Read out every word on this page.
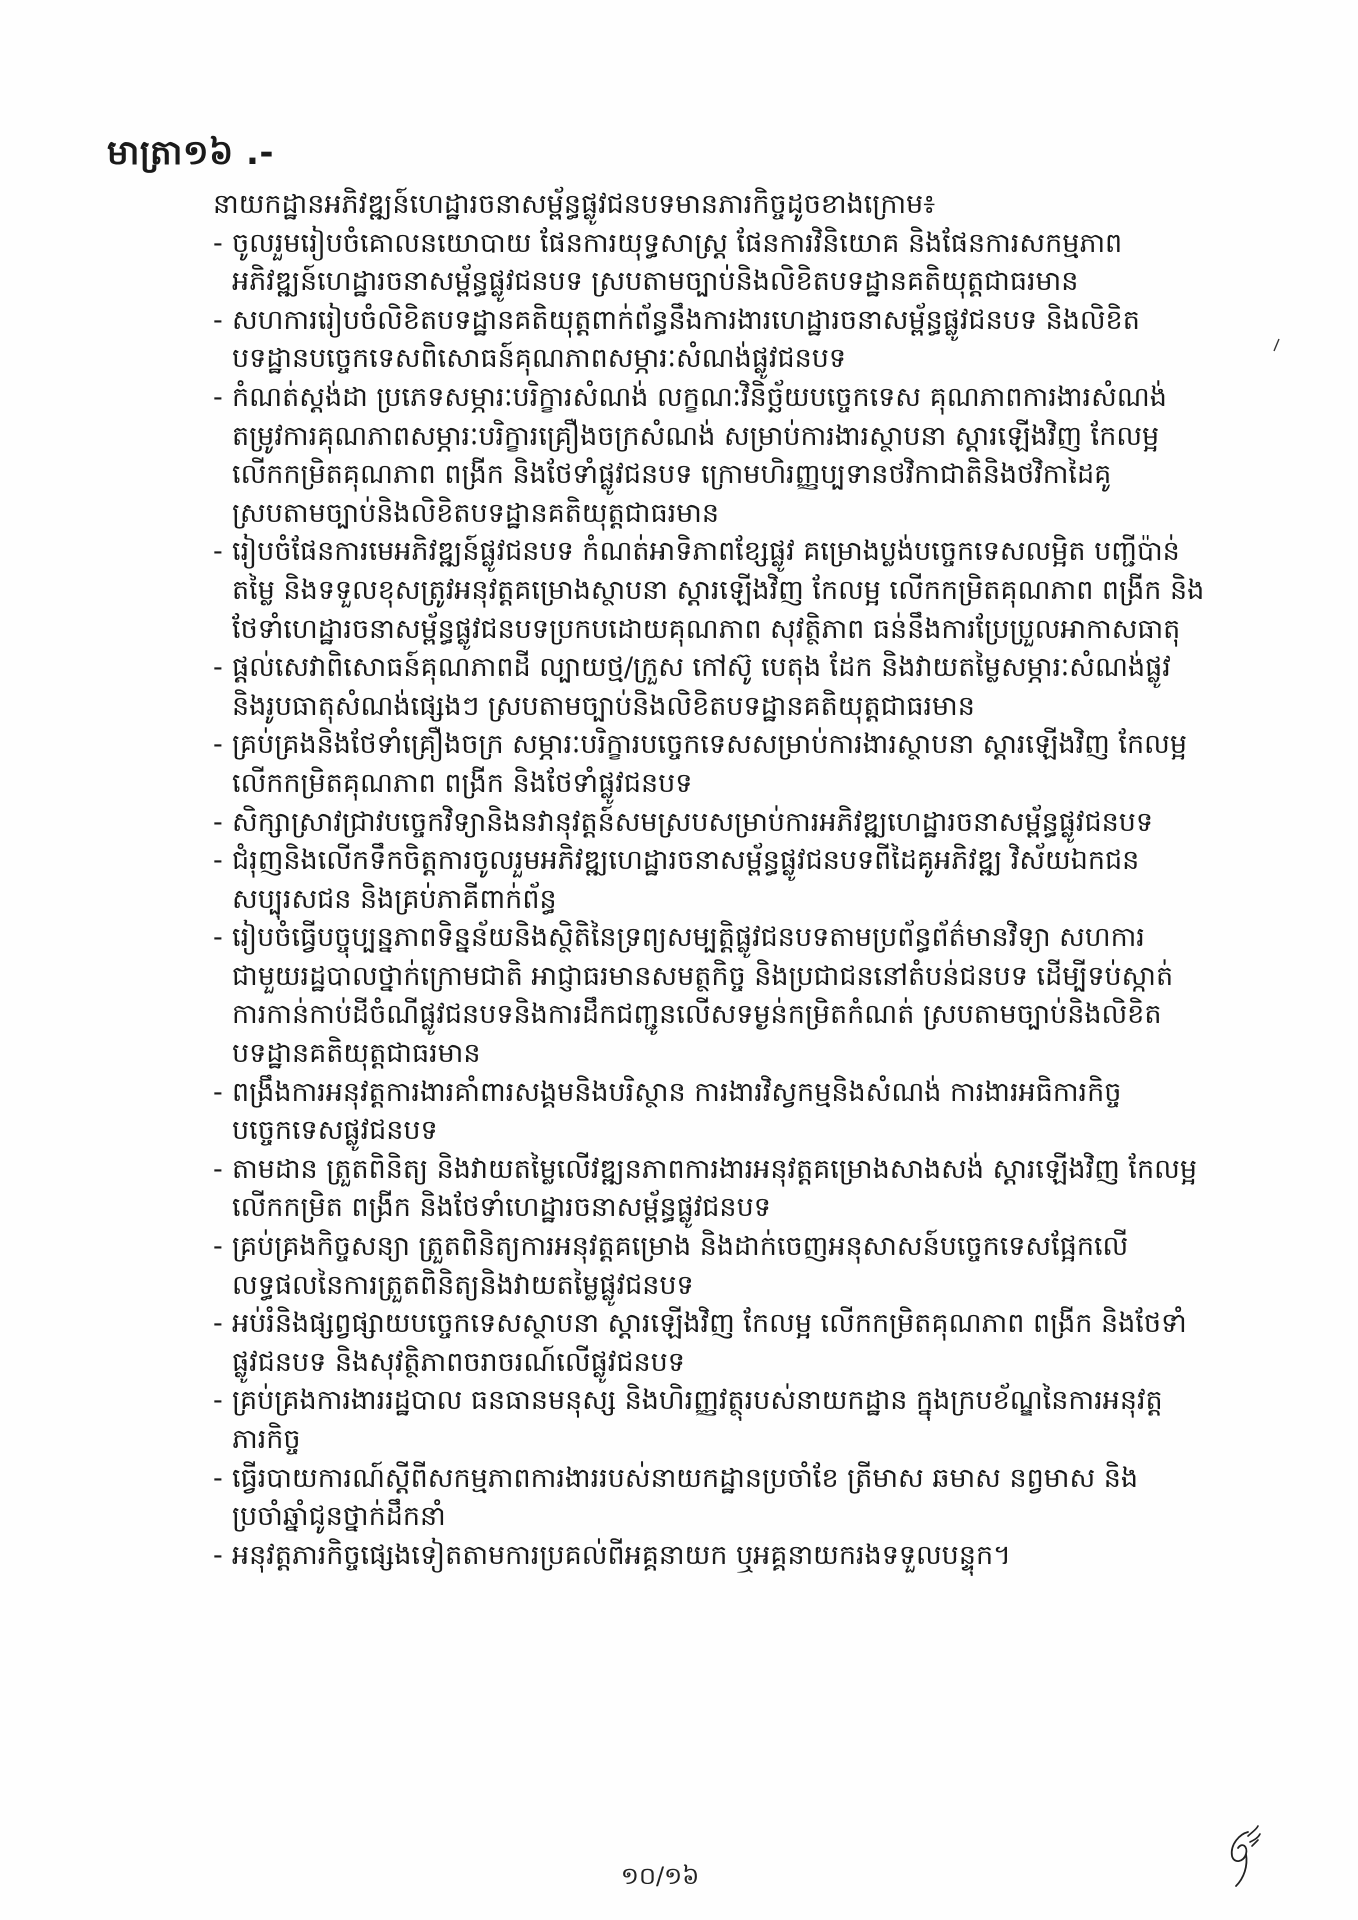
មាត្រា១៦ .-

នាយកដ្ឋានអភិវឌ្ឍន៍ហេដ្ឋារចនាសម្ព័ន្ធផ្លូវជនបទមានភារកិច្ចដូចខាងក្រោម៖

- ចូលរួមរៀបចំគោលនយោបាយ ផែនការយុទ្ធសាស្ត្រ ផែនការវិនិយោគ និងផែនការសកម្មភាព
អភិវឌ្ឍន៍ហេដ្ឋារចនាសម្ព័ន្ធផ្លូវជនបទ ស្របតាមច្បាប់និងលិខិតបទដ្ឋានគតិយុត្តជាធរមាន
- សហការរៀបចំលិខិតបទដ្ឋានគតិយុត្តពាក់ព័ន្ធនឹងការងារហេដ្ឋារចនាសម្ព័ន្ធផ្លូវជនបទ និងលិខិត
បទដ្ឋានបច្ចេកទេសពិសោធន៍គុណភាពសម្ភារៈសំណង់ផ្លូវជនបទ
- កំណត់ស្តង់ដា ប្រភេទសម្ភារៈបរិក្ខារសំណង់ លក្ខណៈវិនិច្ឆ័យបច្ចេកទេស គុណភាពការងារសំណង់
តម្រូវការគុណភាពសម្ភារៈបរិក្ខារគ្រឿងចក្រសំណង់ សម្រាប់ការងារស្ថាបនា ស្តារឡើងវិញ កែលម្អ
លើកកម្រិតគុណភាព ពង្រីក និងថែទាំផ្លូវជនបទ ក្រោមហិរញ្ញប្បទានថវិកាជាតិនិងថវិកាដៃគូ
ស្របតាមច្បាប់និងលិខិតបទដ្ឋានគតិយុត្តជាធរមាន
- រៀបចំផែនការមេអភិវឌ្ឍន៍ផ្លូវជនបទ កំណត់អាទិភាពខ្សែផ្លូវ គម្រោងប្លង់បច្ចេកទេសលម្អិត បញ្ជីប៉ាន់
តម្លៃ និងទទួលខុសត្រូវអនុវត្តគម្រោងស្ថាបនា ស្តារឡើងវិញ កែលម្អ លើកកម្រិតគុណភាព ពង្រីក និង
ថែទាំហេដ្ឋារចនាសម្ព័ន្ធផ្លូវជនបទប្រកបដោយគុណភាព សុវត្ថិភាព ធន់នឹងការប្រែប្រួលអាកាសធាតុ
- ផ្តល់សេវាពិសោធន៍គុណភាពដី ល្បាយថ្ម/ក្រួស កៅស៊ូ បេតុង ដែក និងវាយតម្លៃសម្ភារៈសំណង់ផ្លូវ
និងរូបធាតុសំណង់ផ្សេងៗ ស្របតាមច្បាប់និងលិខិតបទដ្ឋានគតិយុត្តជាធរមាន
- គ្រប់គ្រងនិងថែទាំគ្រឿងចក្រ សម្ភារៈបរិក្ខារបច្ចេកទេសសម្រាប់ការងារស្ថាបនា ស្តារឡើងវិញ កែលម្អ
លើកកម្រិតគុណភាព ពង្រីក និងថែទាំផ្លូវជនបទ
- សិក្សាស្រាវជ្រាវបច្ចេកវិទ្យានិងនវានុវត្តន៍សមស្របសម្រាប់ការអភិវឌ្ឍហេដ្ឋារចនាសម្ព័ន្ធផ្លូវជនបទ
- ជំរុញនិងលើកទឹកចិត្តការចូលរួមអភិវឌ្ឍហេដ្ឋារចនាសម្ព័ន្ធផ្លូវជនបទពីដៃគូអភិវឌ្ឍ វិស័យឯកជន
សប្បុរសជន និងគ្រប់ភាគីពាក់ព័ន្ធ
- រៀបចំធ្វើបច្ចុប្បន្នភាពទិន្នន័យនិងស្ថិតិនៃទ្រព្យសម្បត្តិផ្លូវជនបទតាមប្រព័ន្ធព័ត៌មានវិទ្យា សហការ
ជាមួយរដ្ឋបាលថ្នាក់ក្រោមជាតិ អាជ្ញាធរមានសមត្ថកិច្ច និងប្រជាជននៅតំបន់ជនបទ ដើម្បីទប់ស្កាត់
ការកាន់កាប់ដីចំណីផ្លូវជនបទនិងការដឹកជញ្ជូនលើសទម្ងន់កម្រិតកំណត់ ស្របតាមច្បាប់និងលិខិត
បទដ្ឋានគតិយុត្តជាធរមាន
- ពង្រឹងការអនុវត្តការងារគាំពារសង្គមនិងបរិស្ថាន ការងារវិស្វកម្មនិងសំណង់ ការងារអធិការកិច្ច
បច្ចេកទេសផ្លូវជនបទ
- តាមដាន ត្រួតពិនិត្យ និងវាយតម្លៃលើវឌ្ឍនភាពការងារអនុវត្តគម្រោងសាងសង់ ស្តារឡើងវិញ កែលម្អ
លើកកម្រិត ពង្រីក និងថែទាំហេដ្ឋារចនាសម្ព័ន្ធផ្លូវជនបទ
- គ្រប់គ្រងកិច្ចសន្យា ត្រួតពិនិត្យការអនុវត្តគម្រោង និងដាក់ចេញអនុសាសន៍បច្ចេកទេសផ្អែកលើ
លទ្ធផលនៃការត្រួតពិនិត្យនិងវាយតម្លៃផ្លូវជនបទ
- អប់រំនិងផ្សព្វផ្សាយបច្ចេកទេសស្ថាបនា ស្តារឡើងវិញ កែលម្អ លើកកម្រិតគុណភាព ពង្រីក និងថែទាំ
ផ្លូវជនបទ និងសុវត្ថិភាពចរាចរណ៍លើផ្លូវជនបទ
- គ្រប់គ្រងការងាររដ្ឋបាល ធនធានមនុស្ស និងហិរញ្ញវត្ថុរបស់នាយកដ្ឋាន ក្នុងក្របខ័ណ្ឌនៃការអនុវត្ត
ភារកិច្ច
- ធ្វើរបាយការណ៍ស្តីពីសកម្មភាពការងាររបស់នាយកដ្ឋានប្រចាំខែ ត្រីមាស ឆមាស នព្វមាស និង
ប្រចាំឆ្នាំជូនថ្នាក់ដឹកនាំ
- អនុវត្តភារកិច្ចផ្សេងទៀតតាមការប្រគល់ពីអគ្គនាយក ឬអគ្គនាយករងទទួលបន្ទុក។
១០/១៦
